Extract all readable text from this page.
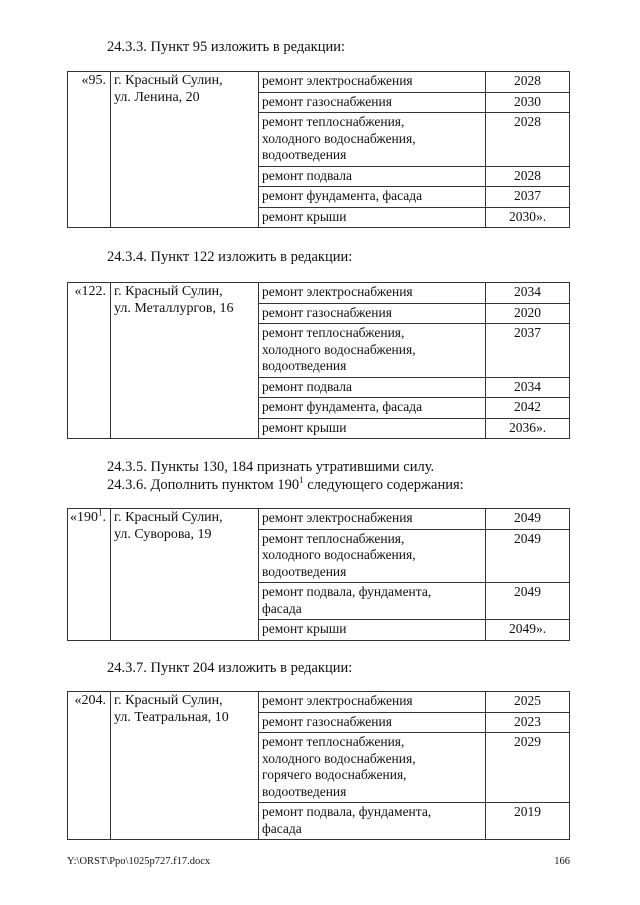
24.3.3. Пункт 95 изложить в редакции:
«95.	г. Красный Сулин,
ул. Ленина, 20	ремонт электроснабжения	2028

		ремонт газоснабжения	2030

		ремонт теплоснабжения,
холодного водоснабжения,
водоотведения	2028

		ремонт подвала	2028

		ремонт фундамента, фасада	2037

		ремонт крыши	2030».
24.3.4. Пункт 122 изложить в редакции:
«122.	г. Красный Сулин,
ул. Металлургов, 16	ремонт электроснабжения	2034

		ремонт газоснабжения	2020

		ремонт теплоснабжения,
холодного водоснабжения,
водоотведения	2037

		ремонт подвала	2034

		ремонт фундамента, фасада	2042

		ремонт крыши	2036».
24.3.5. Пункты 130, 184 признать утратившими силу.
24.3.6. Дополнить пунктом $190^1$ следующего содержания:
«$190^1$.	г. Красный Сулин,
ул. Суворова, 19	ремонт электроснабжения	2049

		ремонт теплоснабжения,
холодного водоснабжения,
водоотведения	2049

		ремонт подвала, фундамента,
фасада	2049

		ремонт крыши	2049».
24.3.7. Пункт 204 изложить в редакции:
«204.	г. Красный Сулин,
ул. Театральная, 10	ремонт электроснабжения	2025

		ремонт газоснабжения	2023

		ремонт теплоснабжения,
холодного водоснабжения,
горячего водоснабжения,
водоотведения	2029

		ремонт подвала, фундамента,
фасада	2019
Y:\ORST\Ppo\1025p727.f17.docx	166
